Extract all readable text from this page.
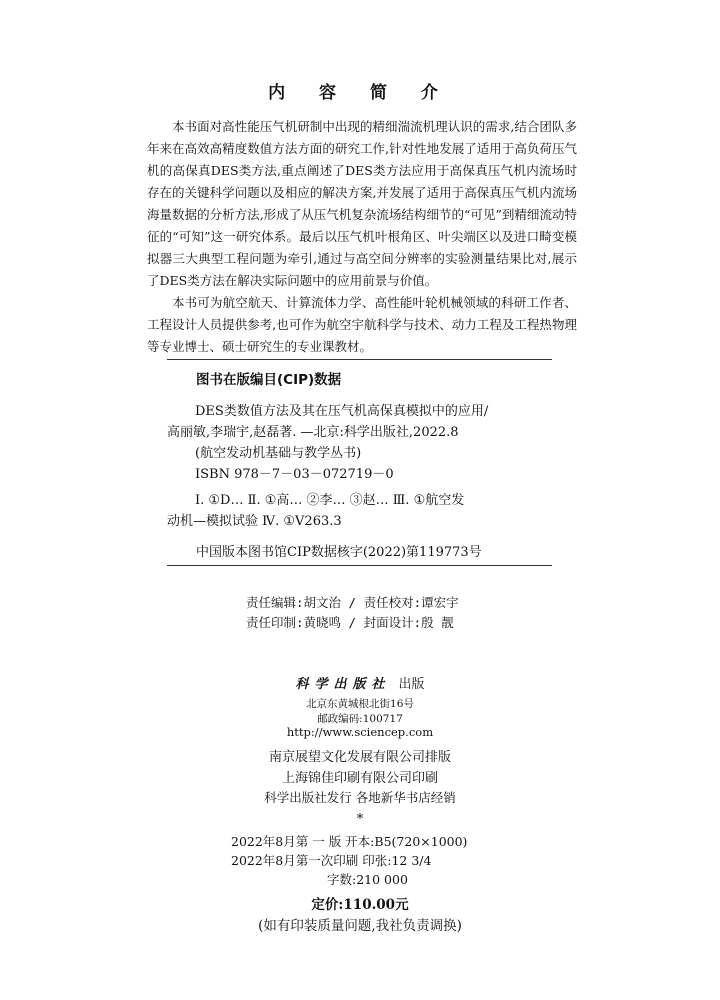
内 容 简 介

本书面对高性能压气机研制中出现的精细湍流机理认识的需求,结合团队多年来在高效高精度数值方法方面的研究工作,针对性地发展了适用于高负荷压气机的高保真DES类方法,重点阐述了DES类方法应用于高保真压气机内流场时存在的关键科学问题以及相应的解决方案,并发展了适用于高保真压气机内流场海量数据的分析方法,形成了从压气机复杂流场结构细节的“可见”到精细流动特征的“可知”这一研究体系。最后以压气机叶根角区、叶尖端区以及进口畸变模拟器三大典型工程问题为牵引,通过与高空间分辨率的实验测量结果比对,展示了DES类方法在解决实际问题中的应用前景与价值。

本书可为航空航天、计算流体力学、高性能叶轮机械领域的科研工作者、工程设计人员提供参考,也可作为航空宇航科学与技术、动力工程及工程热物理等专业博士、硕士研究生的专业课教材。

图书在版编目(CIP)数据
DES类数值方法及其在压气机高保真模拟中的应用/
高丽敏,李瑞宇,赵磊著. —北京:科学出版社,2022.8
(航空发动机基础与教学丛书)
ISBN 978－7－03－072719－0
Ⅰ. ①D… Ⅱ. ①高… ②李… ③赵… Ⅲ. ①航空发
动机—模拟试验 Ⅳ. ①V263.3
中国版本图书馆CIP数据核字(2022)第119773号
责任编辑:胡文治 / 责任校对:谭宏宇
责任印制:黄晓鸣 / 封面设计:殷 靓
科学出版社 出版
北京东黄城根北街16号
邮政编码:100717
http://www.sciencep.com
南京展望文化发展有限公司排版
上海锦佳印刷有限公司印刷
科学出版社发行 各地新华书店经销
*
2022年8月第 一 版 开本:B5(720×1000)
2022年8月第一次印刷 印张:12 3/4
字数:210 000
定价:110.00元
(如有印装质量问题,我社负责调换)
